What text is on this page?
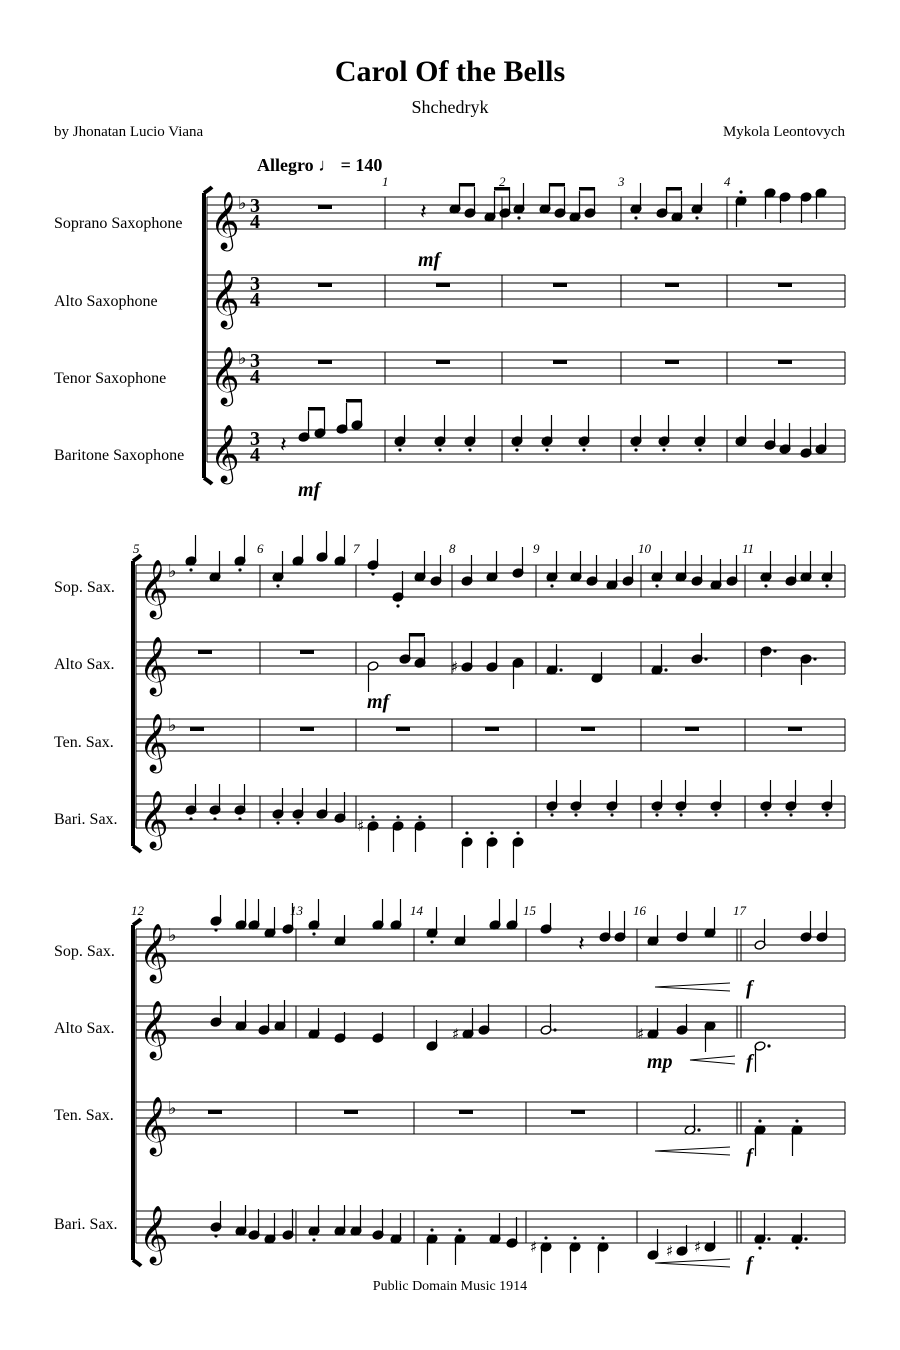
Carol Of the Bells
Shchedryk
by Jhonatan Lucio Viana	Mykola Leontovych
Allegro ♩ = 140
Soprano Saxophone
Alto Saxophone
Tenor Saxophone
Baritone Saxophone
Sop. Sax.
Alto Sax.
Ten. Sax.
Bari. Sax.
Sop. Sax.
Alto Sax.
Ten. Sax.
Bari. Sax.
𝄞
♭ 3
4
𝄞 3
4
𝄞
♭ 3
4
𝄞 3
4
𝄽
𝄽
𝄞 ♭
𝄞
𝄞 ♭
𝄞
♯
♯
𝄞 ♭
𝄞
𝄞 ♭
𝄞
𝄽
♯	♯
♯	♯ ♯
1	2	3	4
mf
mf
5	6	7	8	9	10	11
mf
12	13	14	15	16	17
mp
f
f
f
f
Public Domain Music 1914
